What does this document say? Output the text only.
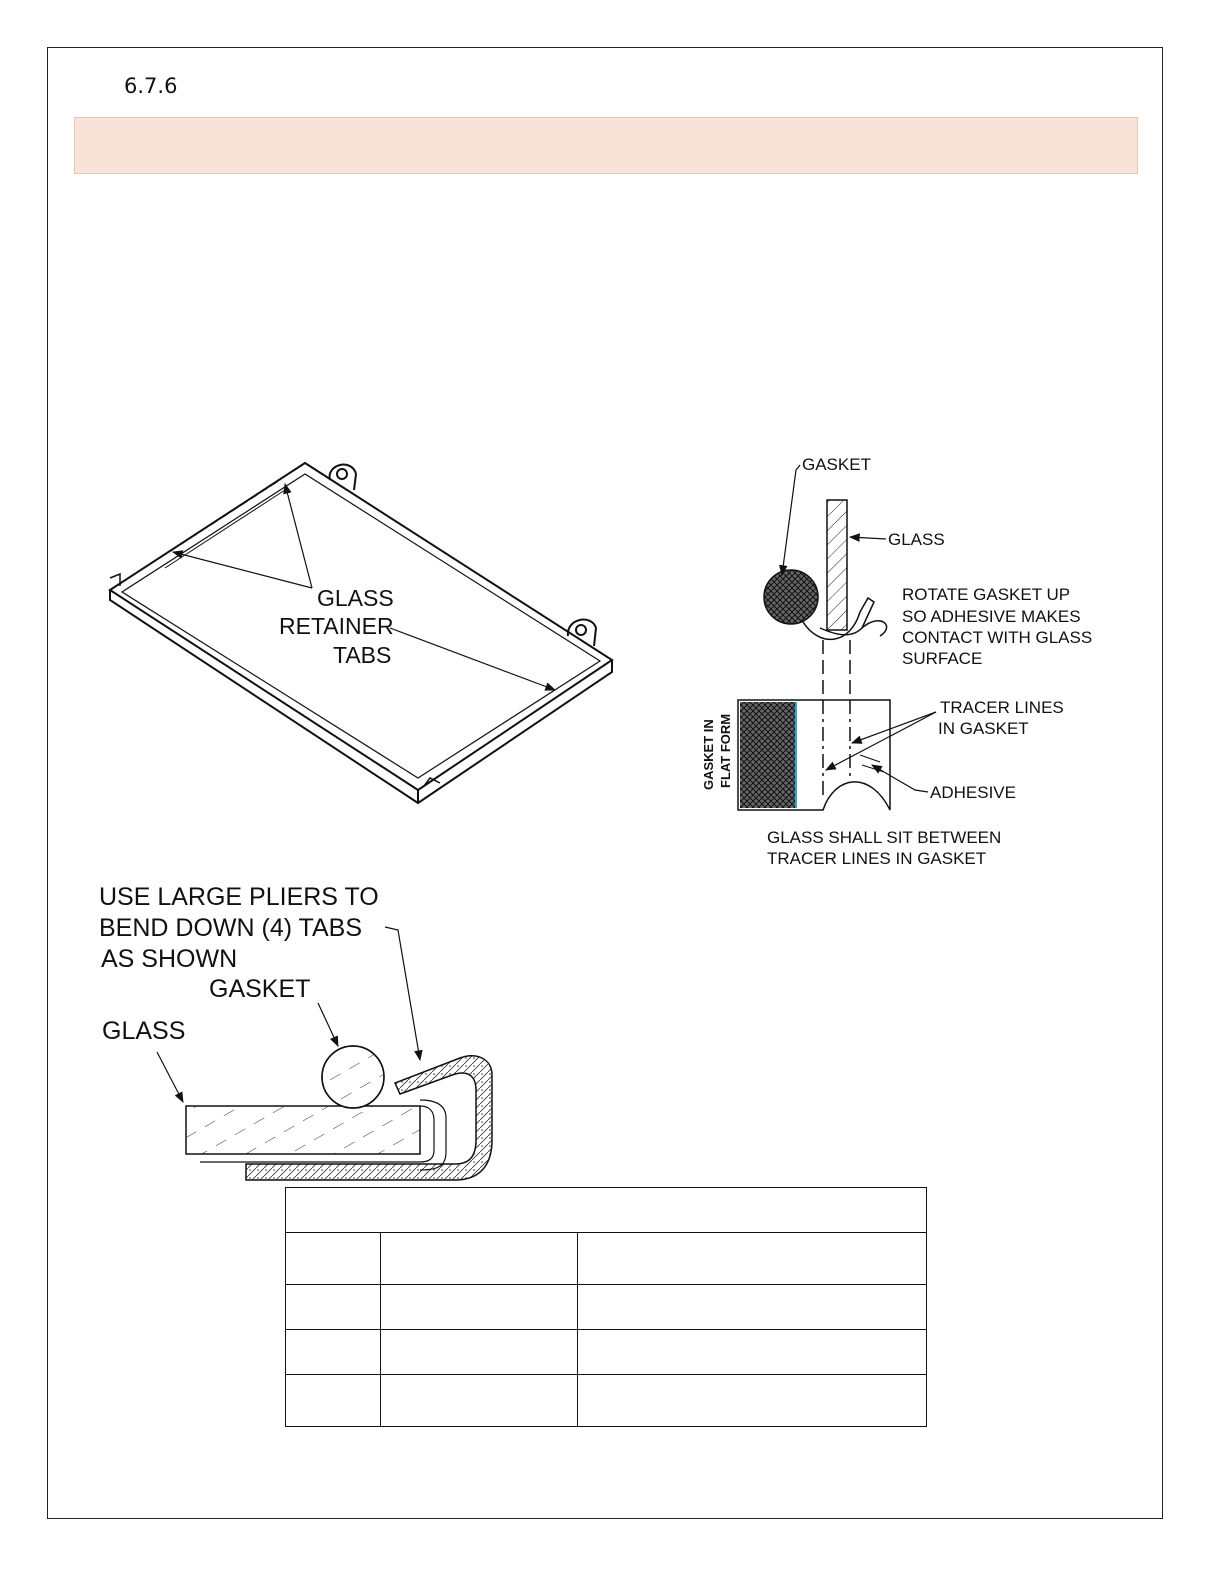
6.7.6
GLASS
RETAINER
TABS
GASKET
GLASS
ROTATE GASKET UP
SO ADHESIVE MAKES
CONTACT WITH GLASS
SURFACE
TRACER LINES
IN GASKET
GASKET IN FLAT FORM
ADHESIVE
GLASS SHALL SIT BETWEEN
TRACER LINES IN GASKET
USE LARGE PLIERS TO
BEND DOWN (4) TABS
AS SHOWN
GASKET
GLASS
